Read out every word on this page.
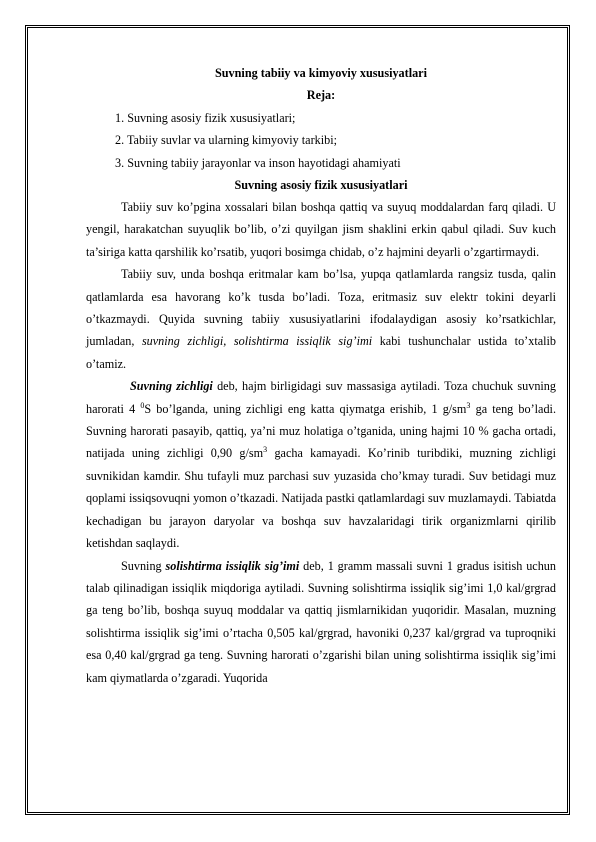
Suvning tabiiy va kimyoviy xususiyatlari
Reja:
1. Suvning asosiy fizik xususiyatlari;
2. Tabiiy suvlar va ularning kimyoviy tarkibi;
3. Suvning tabiiy jarayonlar va inson hayotidagi ahamiyati
Suvning asosiy fizik xususiyatlari

Tabiiy suv ko’pgina xossalari bilan boshqa qattiq va suyuq moddalardan farq qiladi. U yengil, harakatchan suyuqlik bo’lib, o’zi quyilgan jism shaklini erkin qabul qiladi. Suv kuch ta’siriga katta qarshilik ko’rsatib, yuqori bosimga chidab, o’z hajmini deyarli o’zgartirmaydi.

Tabiiy suv, unda boshqa eritmalar kam bo’lsa, yupqa qatlamlarda rangsiz tusda, qalin qatlamlarda esa havorang ko’k tusda bo’ladi. Toza, eritmasiz suv elektr tokini deyarli o’tkazmaydi. Quyida suvning tabiiy xususiyatlarini ifodalaydigan asosiy ko’rsatkichlar, jumladan, suvning zichligi, solishtirma issiqlik sig’imi kabi tushunchalar ustida to’xtalib o’tamiz.

Suvning zichligi deb, hajm birligidagi suv massasiga aytiladi. Toza chuchuk suvning harorati 4 $^0$S bo’lganda, uning zichligi eng katta qiymatga erishib, 1 $g/sm^3$ ga teng bo’ladi. Suvning harorati pasayib, qattiq, ya’ni muz holatiga o’tganida, uning hajmi 10 % gacha ortadi, natijada uning zichligi 0,90 $g/sm^3$ gacha kamayadi. Ko’rinib turibdiki, muzning zichligi suvnikidan kamdir. Shu tufayli muz parchasi suv yuzasida cho’kmay turadi. Suv betidagi muz qoplami issiqsovuqni yomon o’tkazadi. Natijada pastki qatlamlardagi suv muzlamaydi. Tabiatda kechadigan bu jarayon daryolar va boshqa suv havzalaridagi tirik organizmlarni qirilib ketishdan saqlaydi.

Suvning solishtirma issiqlik sig’imi deb, 1 gramm massali suvni 1 gradus isitish uchun talab qilinadigan issiqlik miqdoriga aytiladi. Suvning solishtirma issiqlik sig’imi 1,0 kal/grgrad ga teng bo’lib, boshqa suyuq moddalar va qattiq jismlarnikidan yuqoridir. Masalan, muzning solishtirma issiqlik sig’imi o’rtacha 0,505 kal/grgrad, havoniki 0,237 kal/grgrad va tuproqniki esa 0,40 kal/grgrad ga teng. Suvning harorati o’zgarishi bilan uning solishtirma issiqlik sig’imi kam qiymatlarda o’zgaradi. Yuqorida
